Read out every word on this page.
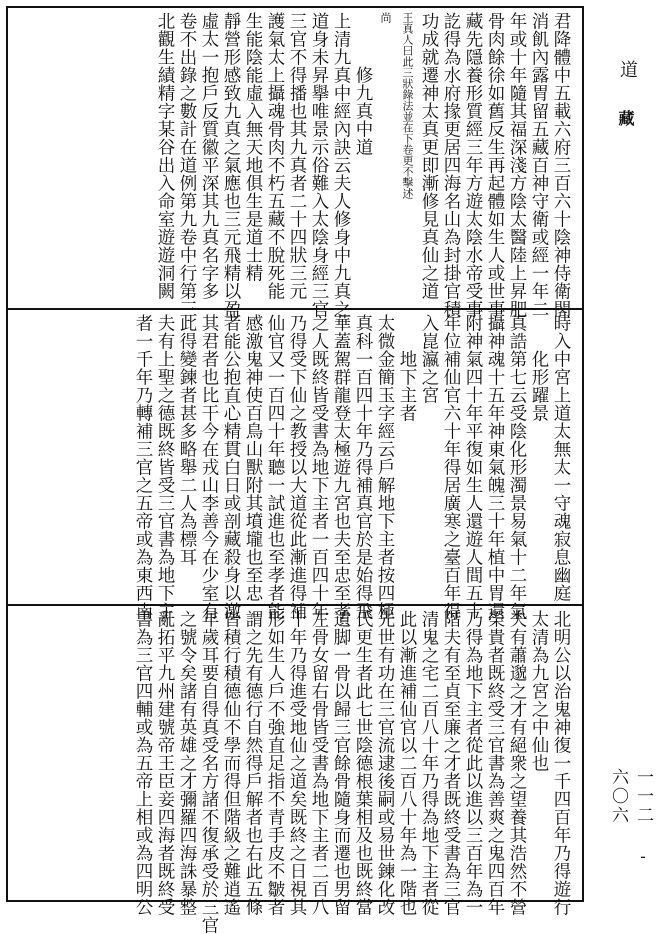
君降體中五載六府三百六十陰神侍衛閣
消飢內露胃留五藏百神守衛或經一年二
年或十年隨其福深淺方陰太醫陸上昇肥
骨肉餘徐如舊反生再起體如生人或世事
藏先隱養形質經三年方遊太陰水帝受事
訖得為水府掾更居四海名山為封掛官積
功成就遷神太真更即漸修見真仙之道
王真人曰此三狀錄法並在下卷更不擊述
尚
修九真中道
上清九真中經內訣云夫人修身中九真之
道身未昇擧唯景示俗難入太陰身經三官
三官不得播也其九真者二十四狀三元
護氣太上攝魂骨肉不朽五藏不脫死能
生能陰能虛入無天地俱生是道士精
靜營形感致九真之氣應也三元飛精以盈
虛太一抱戶反質徽平深其九真名字多
卷不出錄之數計在道例第九卷中行第三
北觀生績精字某谷出入命室遊遊洞闕
時入中宮上道太無太一守魂寂息幽庭
化形躍景
真誥第七云受陰化形濁景易氣十二年氣
攝神魂十五年神東氣魄三十年植中胃還
附神氣四十年平復如生人還遊人間五十
年位補仙官六十年得居廣寒之臺百年得
入崑瀛之宮
地下主者
太微金簡玉字經云戶解地下主者按四極
真科一百四十年乃得補真官於是始得飛
華蓋駕群龍登太極遊九宮也夫至忠至孝
之人既終皆受書為地下主者一百四十年
乃得受下仙之教授以大道從此漸進得補
仙官又一百四十年聽一試進也至孝者能
感激鬼神使百鳥山獸附其墳壠也至忠
者能公抱直心精貫白日或剖藏殺身以激
其君者也比干今在戎山李善今在少室有
此得變鍊者甚多略舉二人為標耳
夫有上聖之德既終皆受三官書為地下主
者一千年乃轉補三官之五帝或為東西南
北明公以治鬼神復一千四百年乃得遊行
太清為九宮之中仙也
夫有蕭邈之才有絕衆之望養其浩然不營
榮貴者既終受三官書為善爽之鬼四百年
乃得為地下主者從此以進以三百年為一
階夫有至貞至廉之才者既終受書為三官
清鬼之宅二百八十年乃得為地下主者從
此以漸進補仙官以二百八十年為一階也
先世有功在三官流逮後嗣或易世鍊化改
氏更生者此七世陰德根葉相及也既終當
遺脚一骨以歸三官餘骨隨身而遷也男留
左骨女留右骨皆受書為地下主者二百八
十年乃得進受地仙之道矣既終之日視其
形如生人戶不強直足指不青手皮不皺者
謂之先有德行自然得戶解者也右此五條
皆積行積德仙不學而得但階級之難逍遙
年歲耳要自得真受名方諸不復承受於三官
之號令矣諸有英雄之才彌羅四海誅暴整
亂拓平九州建號帝王臣妾四海者既終受
書為三官四輔或為五帝上相或為四明公
道
藏
一一二 - 六〇六
